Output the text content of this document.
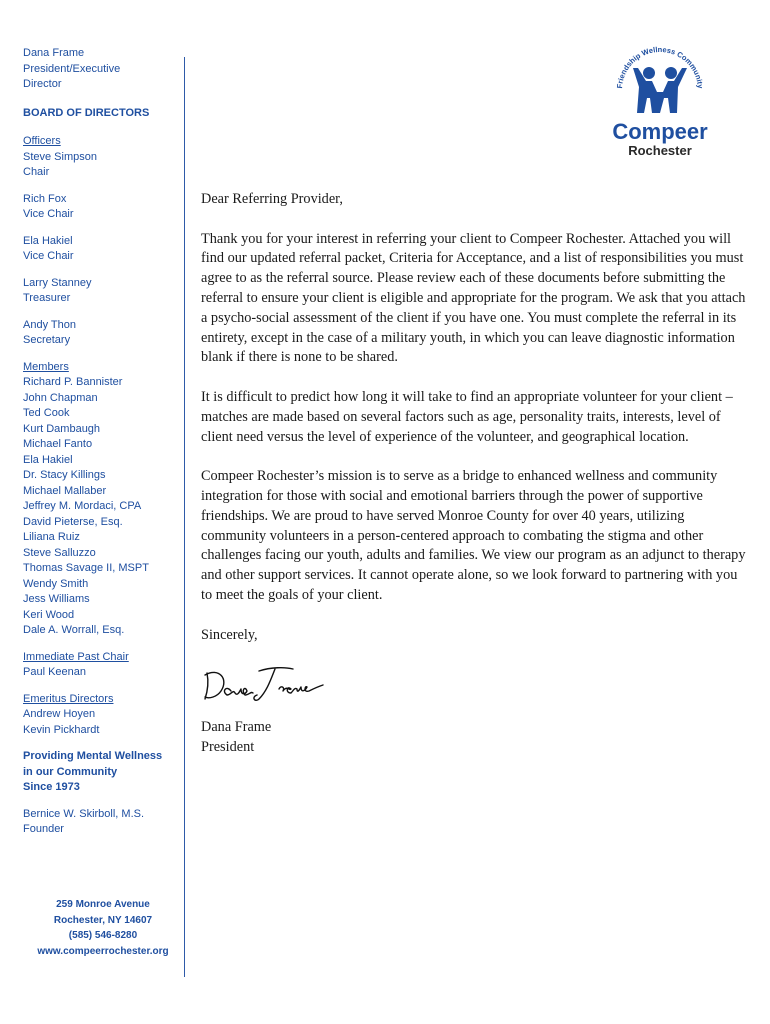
Dana Frame
President/Executive
Director
BOARD OF DIRECTORS
Officers
Steve Simpson
Chair
Rich Fox
Vice Chair
Ela Hakiel
Vice Chair
Larry Stanney
Treasurer
Andy Thon
Secretary
Members
Richard P. Bannister
John Chapman
Ted Cook
Kurt Dambaugh
Michael Fanto
Ela Hakiel
Dr. Stacy Killings
Michael Mallaber
Jeffrey M. Mordaci, CPA
David Pieterse, Esq.
Liliana Ruiz
Steve Salluzzo
Thomas Savage II, MSPT
Wendy Smith
Jess Williams
Keri Wood
Dale A. Worrall, Esq.
Immediate Past Chair
Paul Keenan
Emeritus Directors
Andrew Hoyen
Kevin Pickhardt
Providing Mental Wellness
in our Community
Since 1973
Bernice W. Skirboll, M.S.
Founder
259 Monroe Avenue
Rochester, NY 14607
(585) 546-8280
www.compeerrochester.org
Friendship Wellness Community
Compeer
Rochester

Dear Referring Provider,

Thank you for your interest in referring your client to Compeer Rochester. Attached you will find our updated referral packet, Criteria for Acceptance, and a list of responsibilities you must agree to as the referral source. Please review each of these documents before submitting the referral to ensure your client is eligible and appropriate for the program. We ask that you attach a psycho-social assessment of the client if you have one. You must complete the referral in its entirety, except in the case of a military youth, in which you can leave diagnostic information blank if there is none to be shared.

It is difficult to predict how long it will take to find an appropriate volunteer for your client – matches are made based on several factors such as age, personality traits, interests, level of client need versus the level of experience of the volunteer, and geographical location.

Compeer Rochester’s mission is to serve as a bridge to enhanced wellness and community integration for those with social and emotional barriers through the power of supportive friendships. We are proud to have served Monroe County for over 40 years, utilizing community volunteers in a person-centered approach to combating the stigma and other challenges facing our youth, adults and families. We view our program as an adjunct to therapy and other support services. It cannot operate alone, so we look forward to partnering with you to meet the goals of your client.

Sincerely,

Dana Frame
President
